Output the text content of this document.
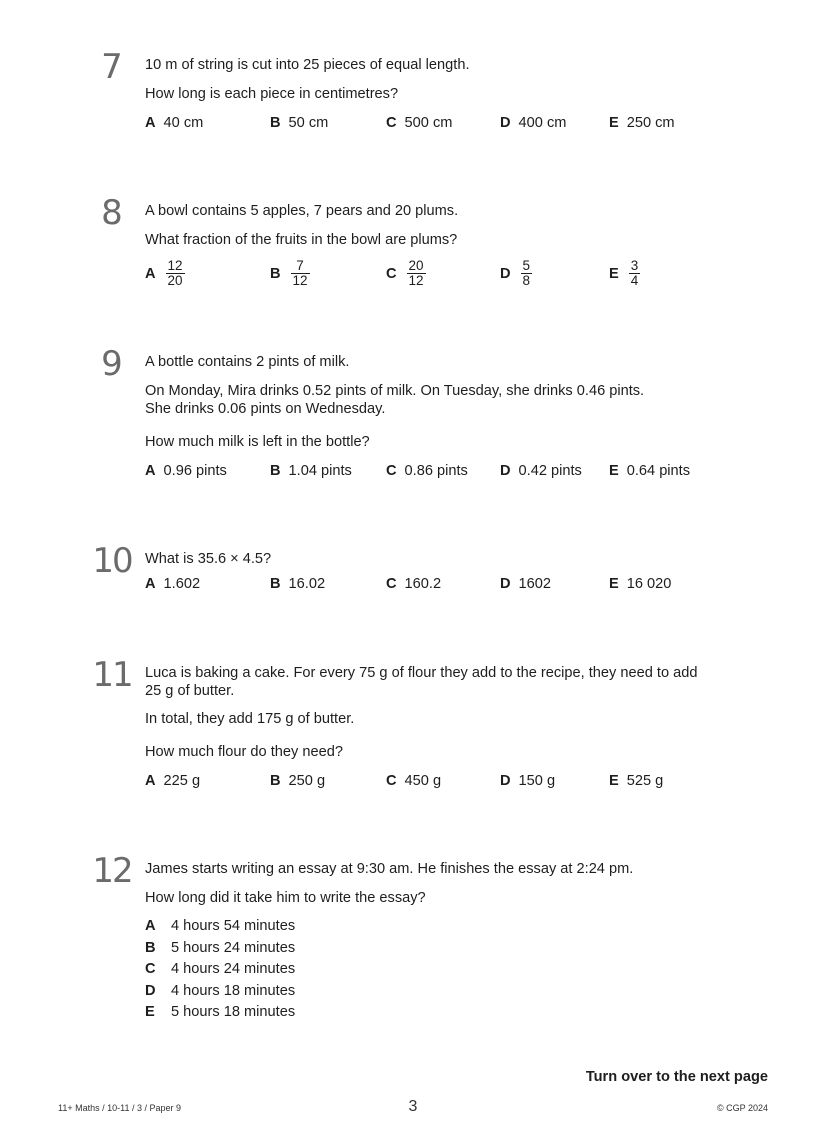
7	10 m of string is cut into 25 pieces of equal length.
How long is each piece in centimetres?
A 40 cm	B 50 cm	C 500 cm	D 400 cm	E 250 cm
8	A bowl contains 5 apples, 7 pears and 20 plums.
What fraction of the fruits in the bowl are plums?
A $\frac{12}{20}$	B $\frac{7}{12}$	C $\frac{20}{12}$	D $\frac{5}{8}$	E $\frac{3}{4}$
9	A bottle contains 2 pints of milk.
On Monday, Mira drinks 0.52 pints of milk. On Tuesday, she drinks 0.46 pints.
She drinks 0.06 pints on Wednesday.
How much milk is left in the bottle?
A 0.96 pints	B 1.04 pints C 0.86 pints D 0.42 pints E 0.64 pints
10 What is 35.6 × 4.5?
A 1.602	B 16.02	C 160.2	D 1602	E 16 020
11 Luca is baking a cake. For every 75 g of flour they add to the recipe, they need to add
25 g of butter.
In total, they add 175 g of butter.
How much flour do they need?
A 225 g	B 250 g	C 450 g	D 150 g	E 525 g
12 James starts writing an essay at 9:30 am. He finishes the essay at 2:24 pm.
How long did it take him to write the essay?
A 4 hours 54 minutes
B 5 hours 24 minutes
C 4 hours 24 minutes
D 4 hours 18 minutes
E 5 hours 18 minutes
Turn over to the next page
11+ Maths / 10-11 / 3 / Paper 9	3	© CGP 2024
